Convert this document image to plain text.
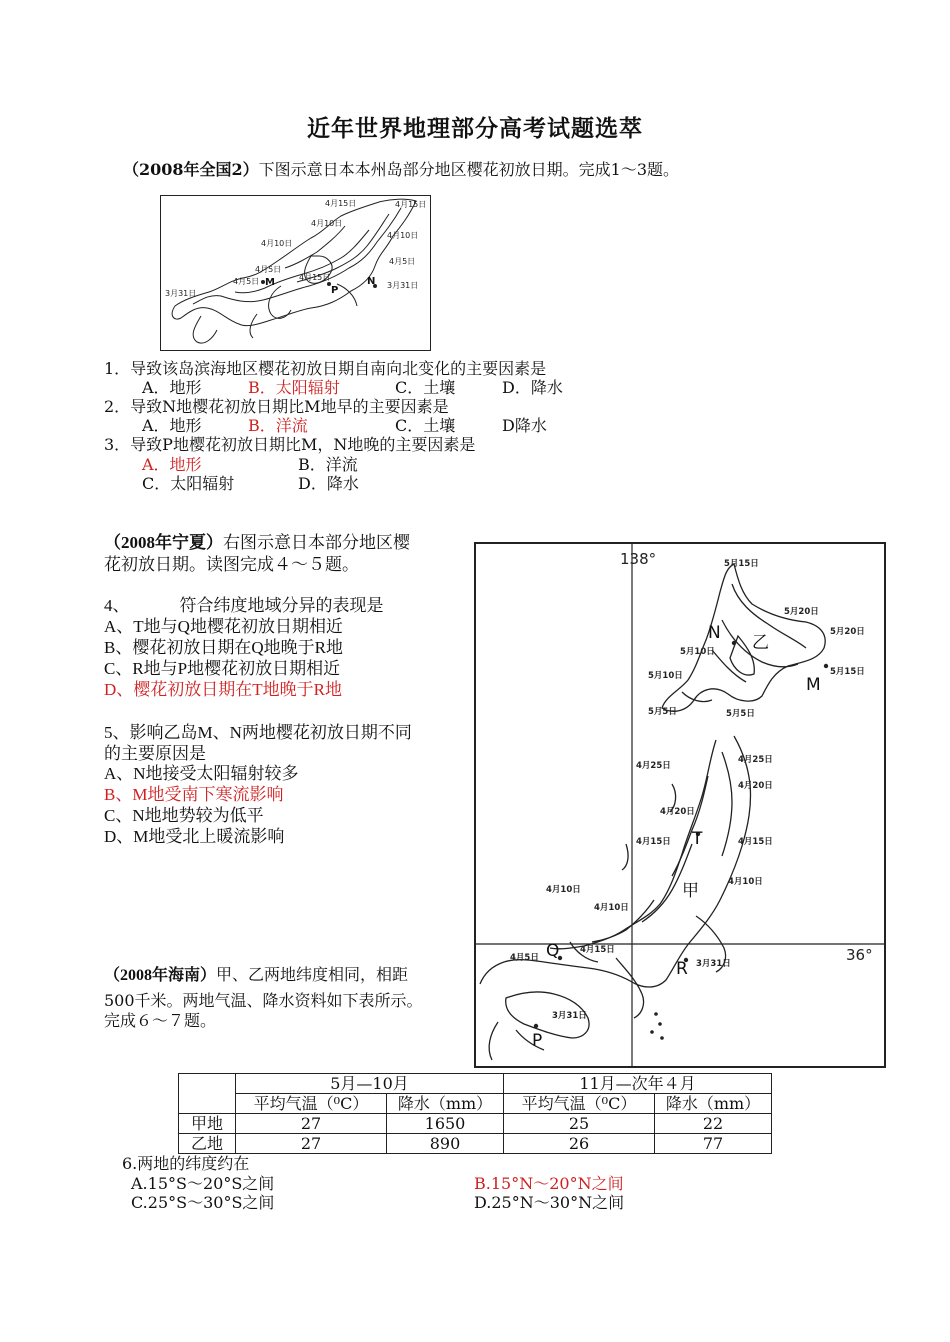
近年世界地理部分高考试题选萃
（2008年全国2）下图示意日本本州岛部分地区樱花初放日期。完成1～3题。
4月15日	4月15日
4月10日
4月10日
4月10日
4月5日
4月5日
4月5日
4月15日
3月31日
3月31日
M	N
P
1．导致该岛滨海地区樱花初放日期自南向北变化的主要因素是
A．地形	B．太阳辐射	C．土壤	D．降水
2．导致N地樱花初放日期比M地早的主要因素是
A．地形	B．洋流	C．土壤	D降水
3．导致P地樱花初放日期比M，N地晚的主要因素是
A．地形	B．洋流
C．太阳辐射	D．降水
（2008年宁夏）右图示意日本部分地区樱
花初放日期。读图完成４～５题。
4、	符合纬度地域分异的表现是
A、T地与Q地樱花初放日期相近
B、樱花初放日期在Q地晚于R地
C、R地与P地樱花初放日期相近
D、樱花初放日期在T地晚于R地
5、影响乙岛M、N两地樱花初放日期不同
的主要原因是
A、N地接受太阳辐射较多
B、M地受南下寒流影响
C、N地地势较为低平
D、M地受北上暖流影响
138°
36°
5月15日
5月20日
5月20日
5月15日
5月10日
5月10日
5月5日	5月5日
4月25日
4月25日
4月20日
4月20日
4月15日	4月15日
4月10日
4月10日
4月10日
4月5日
4月15日
3月31日
3月31日
N 乙
M
T
甲
Q
R
P
（2008年海南）甲、乙两地纬度相同，相距
500千米。两地气温、降水资料如下表所示。
完成６～７题。
	5月—10月		11月—次年４月	
	平均气温（⁰C）	降水（mm）	平均气温（⁰C）	降水（mm）
甲地	27	1650	25	22
乙地	27	890	26	77
6.两地的纬度约在
A.15°S～20°S之间	B.15°N～20°N之间
C.25°S～30°S之间	D.25°N～30°N之间
